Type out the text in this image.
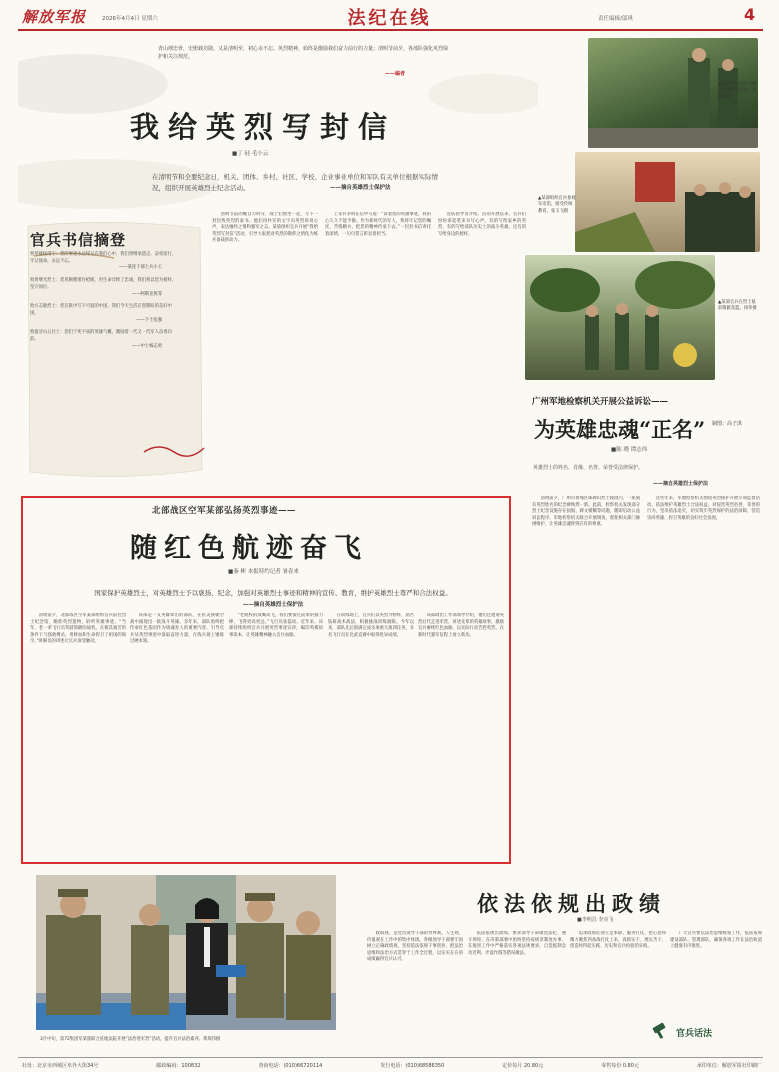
解放军报	2026年4月4日 星期六	法纪在线	责任编辑/邬琪	4
青山埋忠骨，史册载功勋。又是清明至，初心永不忘。英烈精神，始终是激励我们奋力前行的力量；清明节前夕，各部队强化英烈保护和关注规范。
——编者
我给英烈写封信
■丁 硅 毛小云
在清明节和全要纪念日，机关、团体、乡村、社区、学校、企业事业单位和军队有关单位根据实际情况，组织开展英雄烈士纪念活动。	——摘自英雄烈士保护法
官兵书信摘登

致英雄杨靖宇：您的事迹永远铭记在我们心中，我们将继承遗志，奋勇前行，牢记使命，永远不忘。

——某连干部士兵小王

致黄继光烈士：您用胸膛堵住枪眼，用生命诠释了忠诚，我们将以您为榜样，坚守岗位。

——阿斯克班等

致方志敏烈士：您在狱中写下可爱的中国，我们今天生活在您期盼的美好中国。

——下士张强

致狼牙山五壮士：您们宁死不屈的英雄气概，激励着一代又一代军人奋勇向前。

——中士杨志勇

清明节前的晚自习时分，战士们围坐一起，写下一封封致英烈的家书。他们用朴实的文字向英烈诉说心声，表达缅怀之情和强军之志。某旅组织官兵开展“我给英烈写封信”活动，引导大家把对英烈的敬仰之情化为练兵备战的动力。

上等兵李明在信中写道：“读着您的英雄事迹，我的心久久不能平静。作为新时代的军人，我将牢记您的嘱托，苦练精兵，把您的精神传承下去。”一封封书信寄托着深情，一句句誓言彰显着担当。

连队指导员介绍，活动开展以来，官兵们纷纷拿起笔来书写心声，有的写给家乡的英烈，有的写给部队历史上的战斗英雄，还有的写给身边的榜样。

▲某部官兵在烈士陵园开展祭扫活动。朱晓磊摄
▲某部组织官兵参观军史馆，接受传统教育。张玉飞摄
▲某部官兵在烈士墓前敬献花篮。徐伟摄
制图：高子淇
广州军地检察机关开展公益诉讼——
为英雄忠魂“正名”
■陈 晓 谭志伟
英雄烈士的姓名、肖像、名誉、荣誉受法律保护。
——摘自英雄烈士保护法

清明前夕，广州市黄埔区珠碑山烈士陵园内，一座刻有英烈姓名的纪念碑焕然一新。此前，检察机关发现部分烈士纪念设施存在损毁、碑文模糊等问题，随即启动公益诉讼程序。军地检察机关联合开展调查，督促相关部门修缮维护，让英雄忠魂得到应有的尊重。

这些年来，军地检察机关围绕英烈保护开展专项监督活动，依法维护英雄烈士合法权益。对侵害英烈名誉、荣誉的行为，坚决依法追究，切实筑牢英烈保护的法治屏障，营造崇尚英雄、捍卫英雄的良好社会氛围。

北部战区空军某部弘扬英烈事迹——
随红色航迹奋飞
■秦 彬 本报特约记者 暑春来
国家保护英雄烈士，对英雄烈士予以褒扬、纪念，加强对英雄烈士事迹和精神的宣传、教育，维护英雄烈士尊严和合法权益。——摘自英雄烈士保护法

清明前夕，北部战区空军某部组织官兵前往烈士纪念馆，瞻仰英烈遗物，聆听英雄事迹。“当年，老一辈飞行员驾驶简陋的战机，在极其艰苦的条件下与强敌搏杀，用鲜血和生命捍卫了祖国的领空。”讲解员的讲述让官兵深受触动。

该部是一支英雄辈出的部队，在抗美援朝空战中涌现出一批战斗英雄。多年来，部队始终把传承红色基因作为铸魂育人的重要内容，引导官兵从英烈事迹中汲取奋进力量，在练兵场上锤炼过硬本领。

“老航校的战鹰高飞，我们要接过前辈的接力棒，飞得更高更远。”飞行员张磊说。近年来，该部持续组织官兵开展英烈事迹宣讲，编印英模故事读本，让英雄精神融入官兵血脉。

在训练场上，官兵们以英烈为榜样，刻苦钻研战术战法，积极挑战训练极限。今年以来，部队先后圆满完成多项重大演训任务，多名飞行员在比武竞赛中取得优异成绩。

该部政治工作部领导介绍，他们还邀请英烈后代走进军营，讲述先辈的英雄故事，激励官兵赓续红色血脉，以实际行动告慰英烈，在新时代强军征程上再立新功。

3月中旬，第72集团军某旅联合驻地法院开展“法治进军营”活动，提升官兵法治素养。黄琛伟摄
依法依规出政绩
■李明昌 李亮飞

政绩观，是党员领导干部的世界观、人生观、价值观在工作中的集中体现。各级领导干部要牢固树立正确政绩观，坚持依法依规干事创业，把法治思维和法治方式贯穿于工作全过程，以实实在在的成绩赢得官兵认可。

依法依规出政绩，要求领导干部敬畏法纪、遵守规矩，在决策部署中始终坚持按规章制度办事，在推进工作中严格落实各项法规要求，自觉抵制急功近利、弄虚作假等错误做法。

追求政绩必须立足本职、服务打仗，把心思和精力聚焦到备战打仗上来，真抓实干、埋头苦干，创造经得起实践、历史和官兵检验的实绩。

广大官兵要以法治思维统领工作，依法依规建设部队、管理部队，确保各项工作在法治轨道上健康有序推进。

官兵话法
社址：北京市西城区阜外大街34号	邮政编码：100832	查询电话：(010)66720114	发行电话：(010)68586350	定价每月 20.80元	零售每份 0.80元	承印单位：解放军报社印刷厂
